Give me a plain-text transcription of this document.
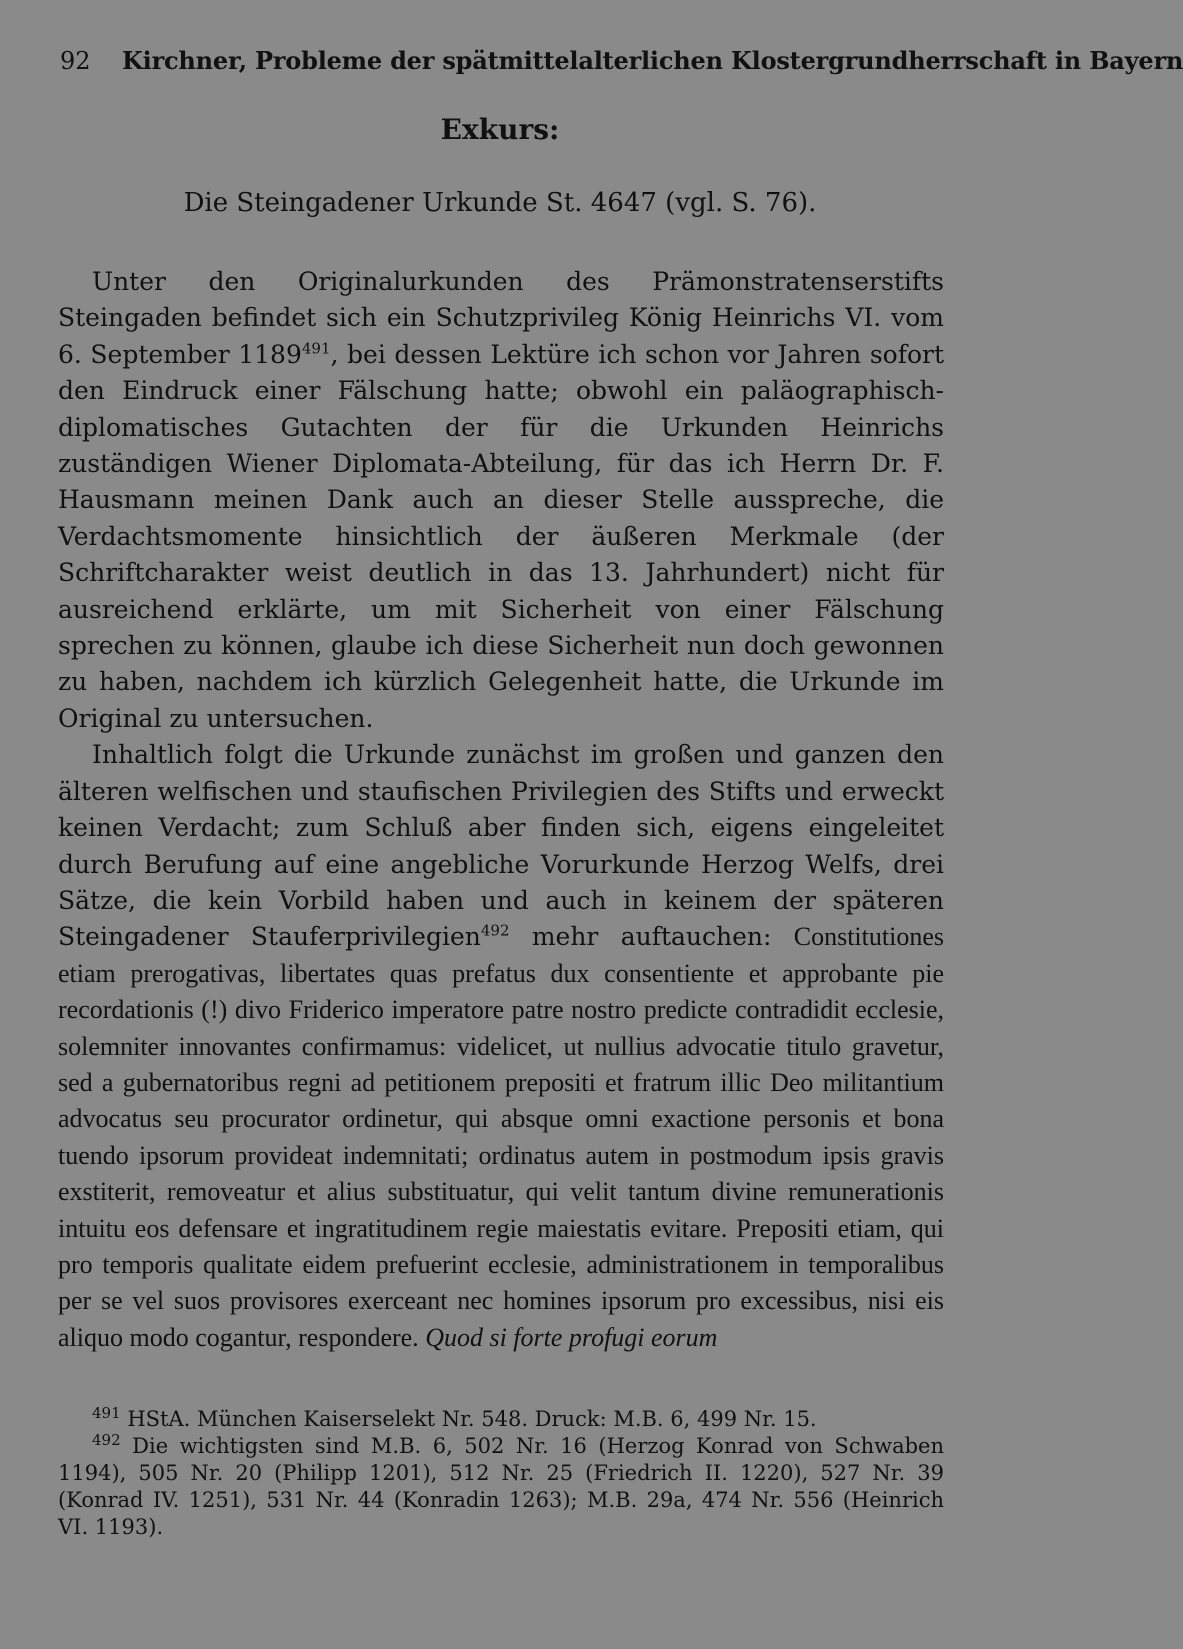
92 Kirchner, Probleme der spätmittelalterlichen Klostergrundherrschaft in Bayern
Exkurs:
Die Steingadener Urkunde St. 4647 (vgl. S. 76).

Unter den Originalurkunden des Prämonstratenserstifts Steingaden befindet sich ein Schutzprivileg König Heinrichs VI. vom 6. September 1189$^{491}$, bei dessen Lektüre ich schon vor Jahren sofort den Eindruck einer Fälschung hatte; obwohl ein paläographisch-diplomatisches Gutachten der für die Urkunden Heinrichs zuständigen Wiener Diplomata-Abteilung, für das ich Herrn Dr. F. Hausmann meinen Dank auch an dieser Stelle ausspreche, die Verdachtsmomente hinsichtlich der äußeren Merkmale (der Schriftcharakter weist deutlich in das 13. Jahrhundert) nicht für ausreichend erklärte, um mit Sicherheit von einer Fälschung sprechen zu können, glaube ich diese Sicherheit nun doch gewonnen zu haben, nachdem ich kürzlich Gelegenheit hatte, die Urkunde im Original zu untersuchen.

Inhaltlich folgt die Urkunde zunächst im großen und ganzen den älteren welfischen und staufischen Privilegien des Stifts und erweckt keinen Verdacht; zum Schluß aber finden sich, eigens eingeleitet durch Berufung auf eine angebliche Vorurkunde Herzog Welfs, drei Sätze, die kein Vorbild haben und auch in keinem der späteren Steingadener Stauferprivilegien$^{492}$ mehr auftauchen: Constitutiones etiam prerogativas, libertates quas prefatus dux consentiente et approbante pie recordationis (!) divo Friderico imperatore patre nostro predicte contradidit ecclesie, solemniter innovantes confirmamus: videlicet, ut nullius advocatie titulo gravetur, sed a gubernatoribus regni ad petitionem prepositi et fratrum illic Deo militantium advocatus seu procurator ordinetur, qui absque omni exactione personis et bona tuendo ipsorum provideat indemnitati; ordinatus autem in postmodum ipsis gravis exstiterit, removeatur et alius substituatur, qui velit tantum divine remunerationis intuitu eos defensare et ingratitudinem regie maiestatis evitare. Prepositi etiam, qui pro temporis qualitate eidem prefuerint ecclesie, administrationem in temporalibus per se vel suos provisores exerceant nec homines ipsorum pro excessibus, nisi eis aliquo modo cogantur, respondere. Quod si forte profugi eorum

$^{491}$ HStA. München Kaiserselekt Nr. 548. Druck: M.B. 6, 499 Nr. 15.

$^{492}$ Die wichtigsten sind M.B. 6, 502 Nr. 16 (Herzog Konrad von Schwaben 1194), 505 Nr. 20 (Philipp 1201), 512 Nr. 25 (Friedrich II. 1220), 527 Nr. 39 (Konrad IV. 1251), 531 Nr. 44 (Konradin 1263); M.B. 29a, 474 Nr. 556 (Heinrich VI. 1193).
